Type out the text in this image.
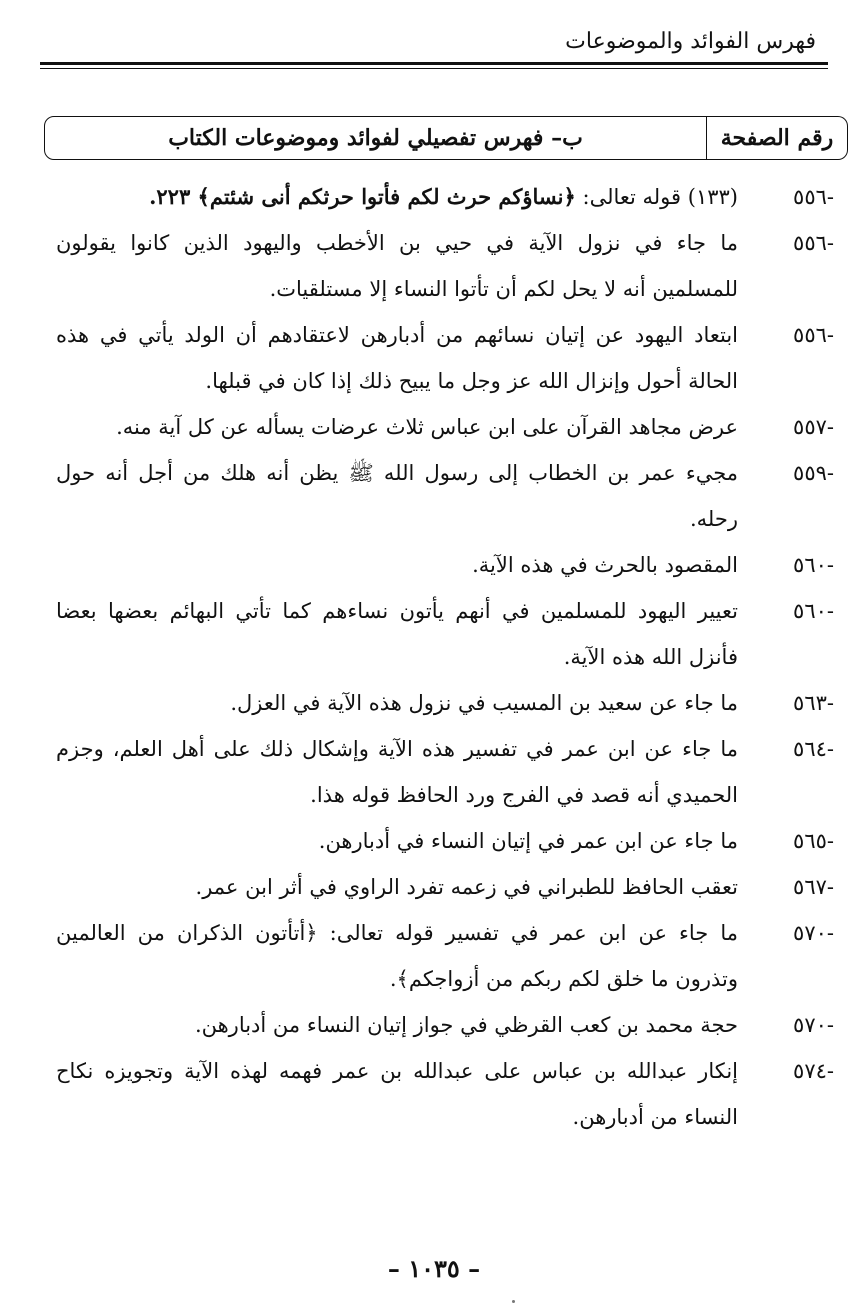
فهرس الفوائد والموضوعات
رقم الصفحة
ب– فهرس تفصيلي لفوائد وموضوعات الكتاب
-٥٥٦
(١٣٣) قوله تعالى: ﴿نساؤكم حرث لكم فأتوا حرثكم أنى شئتم﴾ ٢٢٣.
-٥٥٦
ما جاء في نزول الآية في حيي بن الأخطب واليهود الذين كانوا يقولون للمسلمين أنه لا يحل لكم أن تأتوا النساء إلا مستلقيات.
-٥٥٦
ابتعاد اليهود عن إتيان نسائهم من أدبارهن لاعتقادهم أن الولد يأتي في هذه الحالة أحول وإنزال الله عز وجل ما يبيح ذلك إذا كان في قبلها.
-٥٥٧
عرض مجاهد القرآن على ابن عباس ثلاث عرضات يسأله عن كل آية منه.
-٥٥٩
مجيء عمر بن الخطاب إلى رسول الله ﷺ يظن أنه هلك من أجل أنه حول رحله.
-٥٦٠
المقصود بالحرث في هذه الآية.
-٥٦٠
تعيير اليهود للمسلمين في أنهم يأتون نساءهم كما تأتي البهائم بعضها بعضا فأنزل الله هذه الآية.
-٥٦٣
ما جاء عن سعيد بن المسيب في نزول هذه الآية في العزل.
-٥٦٤
ما جاء عن ابن عمر في تفسير هذه الآية وإشكال ذلك على أهل العلم، وجزم الحميدي أنه قصد في الفرج ورد الحافظ قوله هذا.
-٥٦٥
ما جاء عن ابن عمر في إتيان النساء في أدبارهن.
-٥٦٧
تعقب الحافظ للطبراني في زعمه تفرد الراوي في أثر ابن عمر.
-٥٧٠
ما جاء عن ابن عمر في تفسير قوله تعالى: ﴿أتأتون الذكران من العالمين وتذرون ما خلق لكم ربكم من أزواجكم﴾.
-٥٧٠
حجة محمد بن كعب القرظي في جواز إتيان النساء من أدبارهن.
-٥٧٤
إنكار عبدالله بن عباس على عبدالله بن عمر فهمه لهذه الآية وتجويزه نكاح النساء من أدبارهن.
– ١٠٣٥ –
